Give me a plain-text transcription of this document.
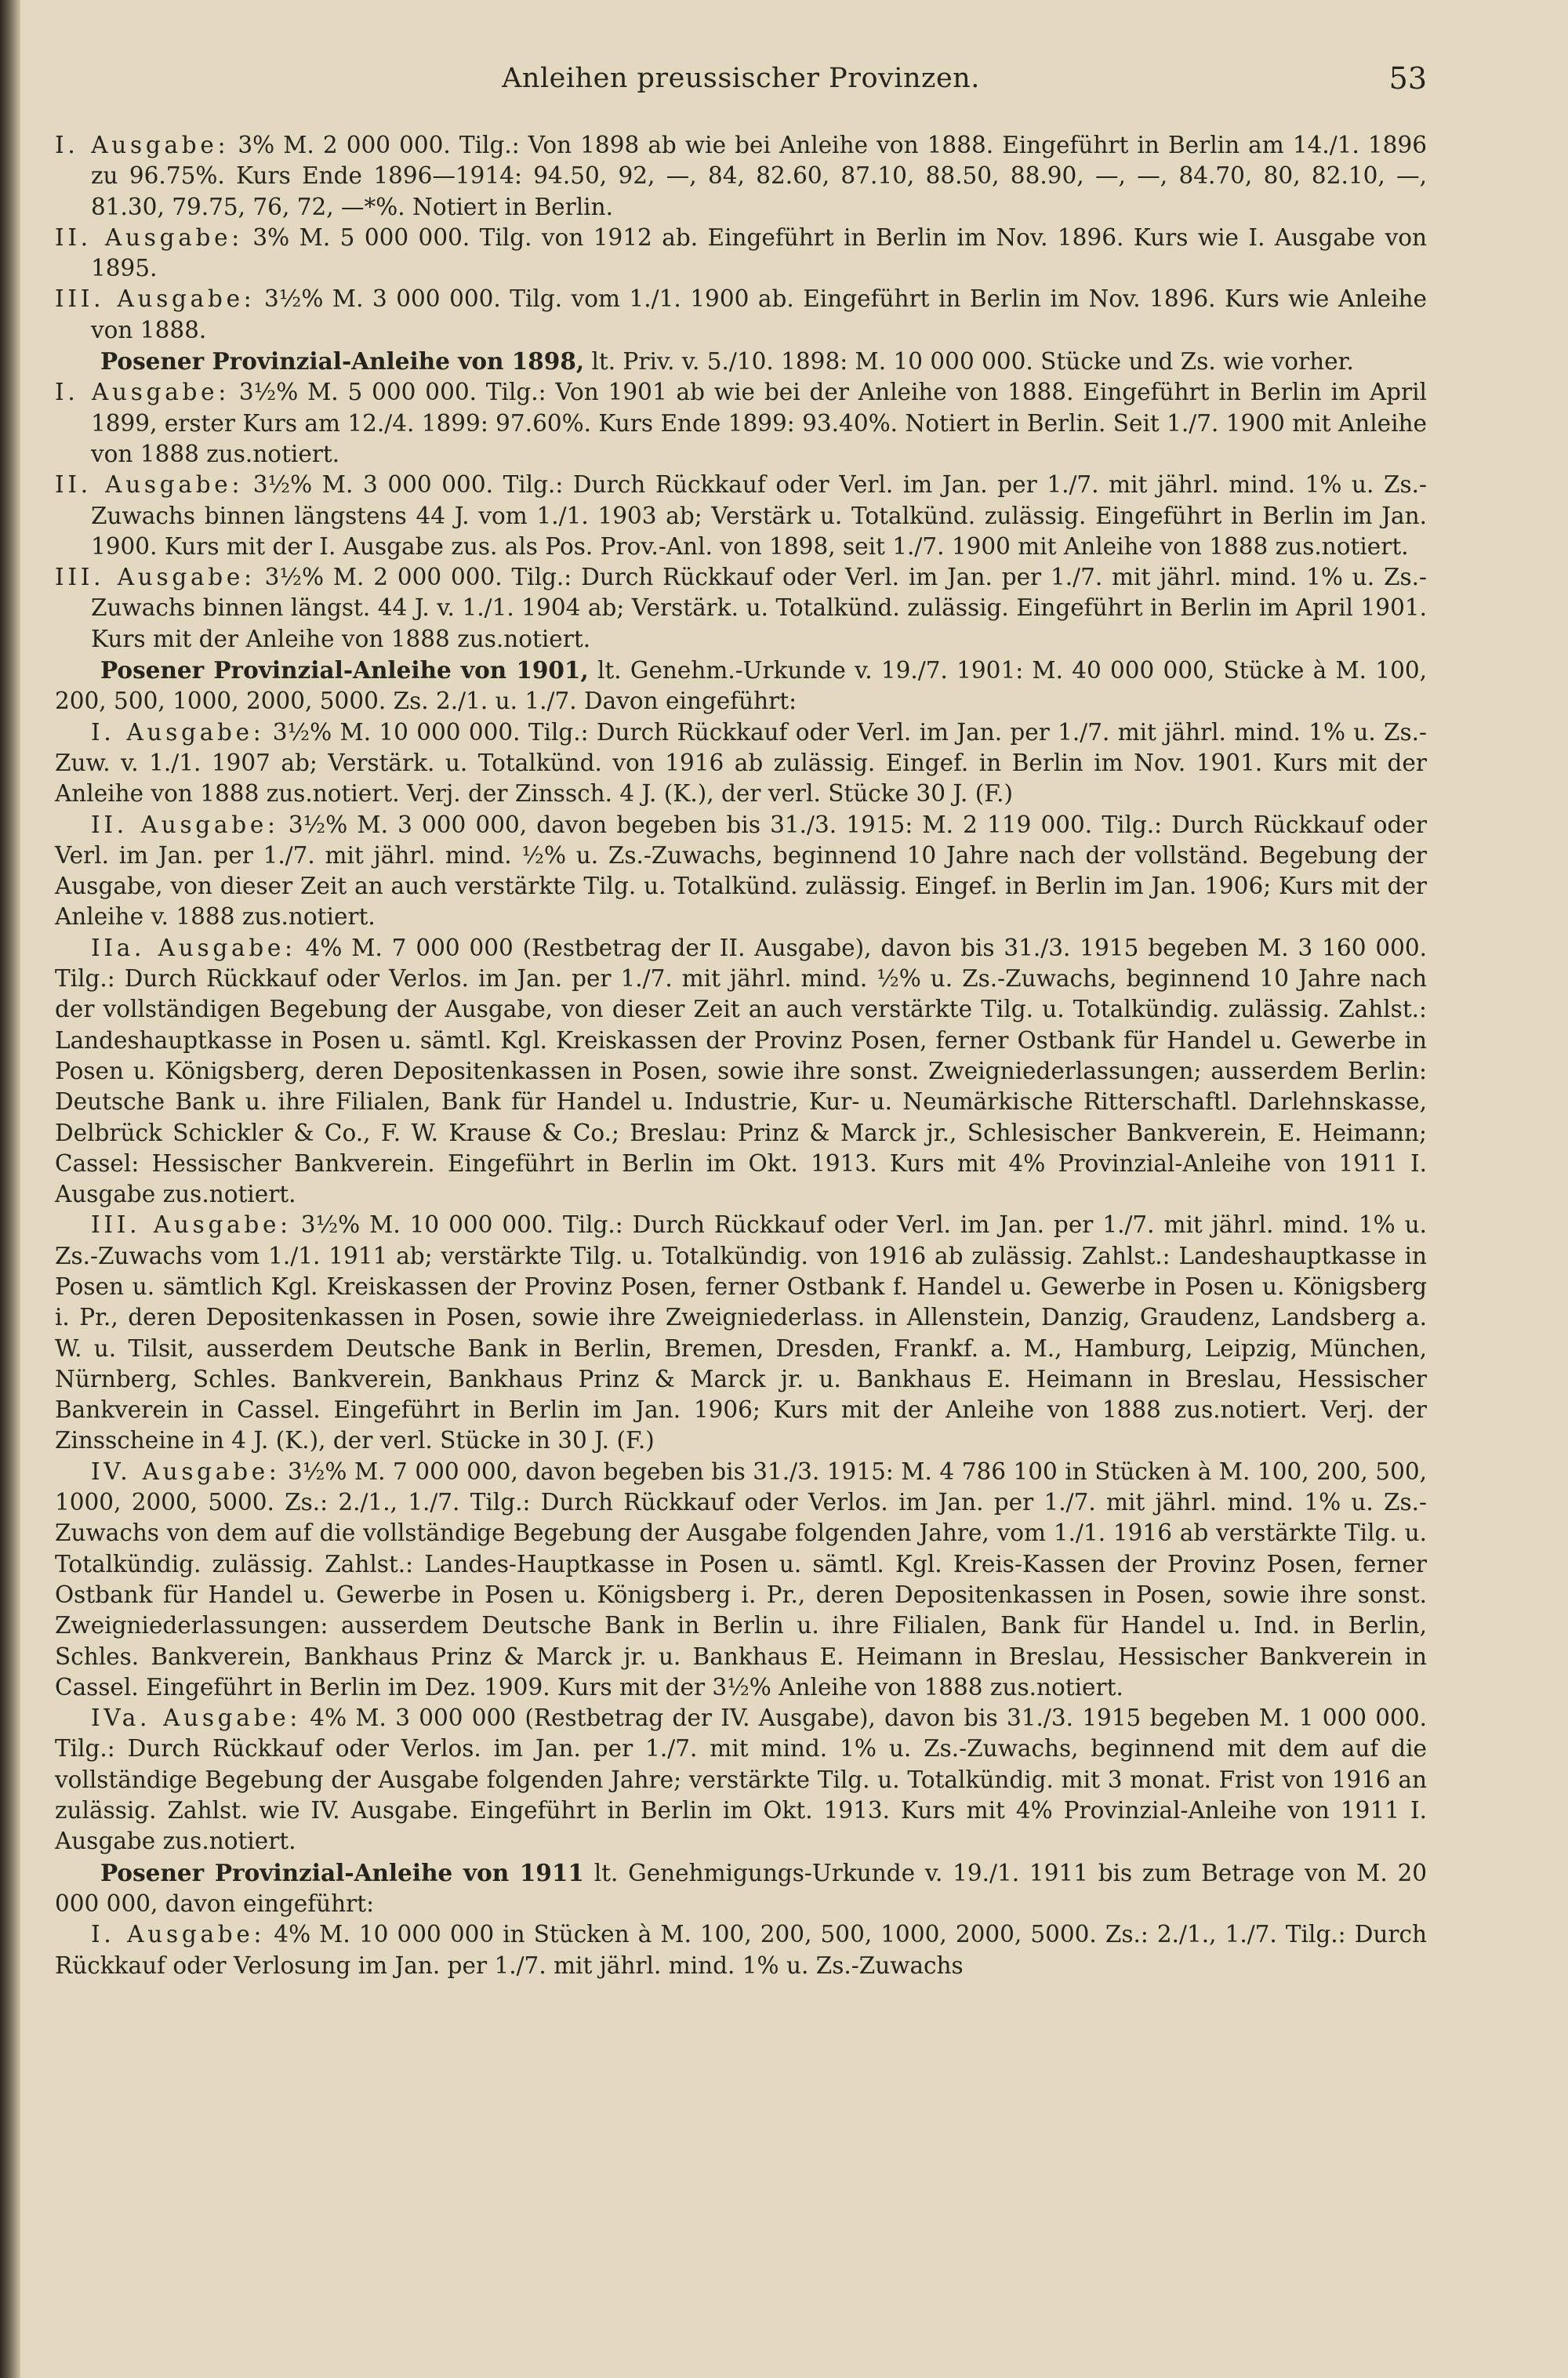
Anleihen preussischer Provinzen.	53

I. Ausgabe: 3% M. 2 000 000. Tilg.: Von 1898 ab wie bei Anleihe von 1888. Eingeführt in Berlin am 14./1. 1896 zu 96.75%. Kurs Ende 1896—1914: 94.50, 92, —, 84, 82.60, 87.10, 88.50, 88.90, —, —, 84.70, 80, 82.10, —, 81.30, 79.75, 76, 72, —*%. Notiert in Berlin.

II. Ausgabe: 3% M. 5 000 000. Tilg. von 1912 ab. Eingeführt in Berlin im Nov. 1896. Kurs wie I. Ausgabe von 1895.

III. Ausgabe: 3½% M. 3 000 000. Tilg. vom 1./1. 1900 ab. Eingeführt in Berlin im Nov. 1896. Kurs wie Anleihe von 1888.

Posener Provinzial-Anleihe von 1898, lt. Priv. v. 5./10. 1898: M. 10 000 000. Stücke und Zs. wie vorher.

I. Ausgabe: 3½% M. 5 000 000. Tilg.: Von 1901 ab wie bei der Anleihe von 1888. Eingeführt in Berlin im April 1899, erster Kurs am 12./4. 1899: 97.60%. Kurs Ende 1899: 93.40%. Notiert in Berlin. Seit 1./7. 1900 mit Anleihe von 1888 zus.notiert.

II. Ausgabe: 3½% M. 3 000 000. Tilg.: Durch Rückkauf oder Verl. im Jan. per 1./7. mit jährl. mind. 1% u. Zs.-Zuwachs binnen längstens 44 J. vom 1./1. 1903 ab; Verstärk u. Totalkünd. zulässig. Eingeführt in Berlin im Jan. 1900. Kurs mit der I. Ausgabe zus. als Pos. Prov.-Anl. von 1898, seit 1./7. 1900 mit Anleihe von 1888 zus.notiert.

III. Ausgabe: 3½% M. 2 000 000. Tilg.: Durch Rückkauf oder Verl. im Jan. per 1./7. mit jährl. mind. 1% u. Zs.-Zuwachs binnen längst. 44 J. v. 1./1. 1904 ab; Verstärk. u. Totalkünd. zulässig. Eingeführt in Berlin im April 1901. Kurs mit der Anleihe von 1888 zus.notiert.

Posener Provinzial-Anleihe von 1901, lt. Genehm.-Urkunde v. 19./7. 1901: M. 40 000 000, Stücke à M. 100, 200, 500, 1000, 2000, 5000. Zs. 2./1. u. 1./7. Davon eingeführt:

I. Ausgabe: 3½% M. 10 000 000. Tilg.: Durch Rückkauf oder Verl. im Jan. per 1./7. mit jährl. mind. 1% u. Zs.-Zuw. v. 1./1. 1907 ab; Verstärk. u. Totalkünd. von 1916 ab zulässig. Eingef. in Berlin im Nov. 1901. Kurs mit der Anleihe von 1888 zus.notiert. Verj. der Zinssch. 4 J. (K.), der verl. Stücke 30 J. (F.)

II. Ausgabe: 3½% M. 3 000 000, davon begeben bis 31./3. 1915: M. 2 119 000. Tilg.: Durch Rückkauf oder Verl. im Jan. per 1./7. mit jährl. mind. ½% u. Zs.-Zuwachs, beginnend 10 Jahre nach der vollständ. Begebung der Ausgabe, von dieser Zeit an auch verstärkte Tilg. u. Totalkünd. zulässig. Eingef. in Berlin im Jan. 1906; Kurs mit der Anleihe v. 1888 zus.notiert.

IIa. Ausgabe: 4% M. 7 000 000 (Restbetrag der II. Ausgabe), davon bis 31./3. 1915 begeben M. 3 160 000. Tilg.: Durch Rückkauf oder Verlos. im Jan. per 1./7. mit jährl. mind. ½% u. Zs.-Zuwachs, beginnend 10 Jahre nach der vollständigen Begebung der Ausgabe, von dieser Zeit an auch verstärkte Tilg. u. Totalkündig. zulässig. Zahlst.: Landeshauptkasse in Posen u. sämtl. Kgl. Kreiskassen der Provinz Posen, ferner Ostbank für Handel u. Gewerbe in Posen u. Königsberg, deren Depositenkassen in Posen, sowie ihre sonst. Zweigniederlassungen; ausserdem Berlin: Deutsche Bank u. ihre Filialen, Bank für Handel u. Industrie, Kur- u. Neumärkische Ritterschaftl. Darlehnskasse, Delbrück Schickler & Co., F. W. Krause & Co.; Breslau: Prinz & Marck jr., Schlesischer Bankverein, E. Heimann; Cassel: Hessischer Bankverein. Eingeführt in Berlin im Okt. 1913. Kurs mit 4% Provinzial-Anleihe von 1911 I. Ausgabe zus.notiert.

III. Ausgabe: 3½% M. 10 000 000. Tilg.: Durch Rückkauf oder Verl. im Jan. per 1./7. mit jährl. mind. 1% u. Zs.-Zuwachs vom 1./1. 1911 ab; verstärkte Tilg. u. Totalkündig. von 1916 ab zulässig. Zahlst.: Landeshauptkasse in Posen u. sämtlich Kgl. Kreiskassen der Provinz Posen, ferner Ostbank f. Handel u. Gewerbe in Posen u. Königsberg i. Pr., deren Depositenkassen in Posen, sowie ihre Zweigniederlass. in Allenstein, Danzig, Graudenz, Landsberg a. W. u. Tilsit, ausserdem Deutsche Bank in Berlin, Bremen, Dresden, Frankf. a. M., Hamburg, Leipzig, München, Nürnberg, Schles. Bankverein, Bankhaus Prinz & Marck jr. u. Bankhaus E. Heimann in Breslau, Hessischer Bankverein in Cassel. Eingeführt in Berlin im Jan. 1906; Kurs mit der Anleihe von 1888 zus.notiert. Verj. der Zinsscheine in 4 J. (K.), der verl. Stücke in 30 J. (F.)

IV. Ausgabe: 3½% M. 7 000 000, davon begeben bis 31./3. 1915: M. 4 786 100 in Stücken à M. 100, 200, 500, 1000, 2000, 5000. Zs.: 2./1., 1./7. Tilg.: Durch Rückkauf oder Verlos. im Jan. per 1./7. mit jährl. mind. 1% u. Zs.-Zuwachs von dem auf die vollständige Begebung der Ausgabe folgenden Jahre, vom 1./1. 1916 ab verstärkte Tilg. u. Totalkündig. zulässig. Zahlst.: Landes-Hauptkasse in Posen u. sämtl. Kgl. Kreis-Kassen der Provinz Posen, ferner Ostbank für Handel u. Gewerbe in Posen u. Königsberg i. Pr., deren Depositenkassen in Posen, sowie ihre sonst. Zweigniederlassungen: ausserdem Deutsche Bank in Berlin u. ihre Filialen, Bank für Handel u. Ind. in Berlin, Schles. Bankverein, Bankhaus Prinz & Marck jr. u. Bankhaus E. Heimann in Breslau, Hessischer Bankverein in Cassel. Eingeführt in Berlin im Dez. 1909. Kurs mit der 3½% Anleihe von 1888 zus.notiert.

IVa. Ausgabe: 4% M. 3 000 000 (Restbetrag der IV. Ausgabe), davon bis 31./3. 1915 begeben M. 1 000 000. Tilg.: Durch Rückkauf oder Verlos. im Jan. per 1./7. mit mind. 1% u. Zs.-Zuwachs, beginnend mit dem auf die vollständige Begebung der Ausgabe folgenden Jahre; verstärkte Tilg. u. Totalkündig. mit 3 monat. Frist von 1916 an zulässig. Zahlst. wie IV. Ausgabe. Eingeführt in Berlin im Okt. 1913. Kurs mit 4% Provinzial-Anleihe von 1911 I. Ausgabe zus.notiert.

Posener Provinzial-Anleihe von 1911 lt. Genehmigungs-Urkunde v. 19./1. 1911 bis zum Betrage von M. 20 000 000, davon eingeführt:

I. Ausgabe: 4% M. 10 000 000 in Stücken à M. 100, 200, 500, 1000, 2000, 5000. Zs.: 2./1., 1./7. Tilg.: Durch Rückkauf oder Verlosung im Jan. per 1./7. mit jährl. mind. 1% u. Zs.-Zuwachs
